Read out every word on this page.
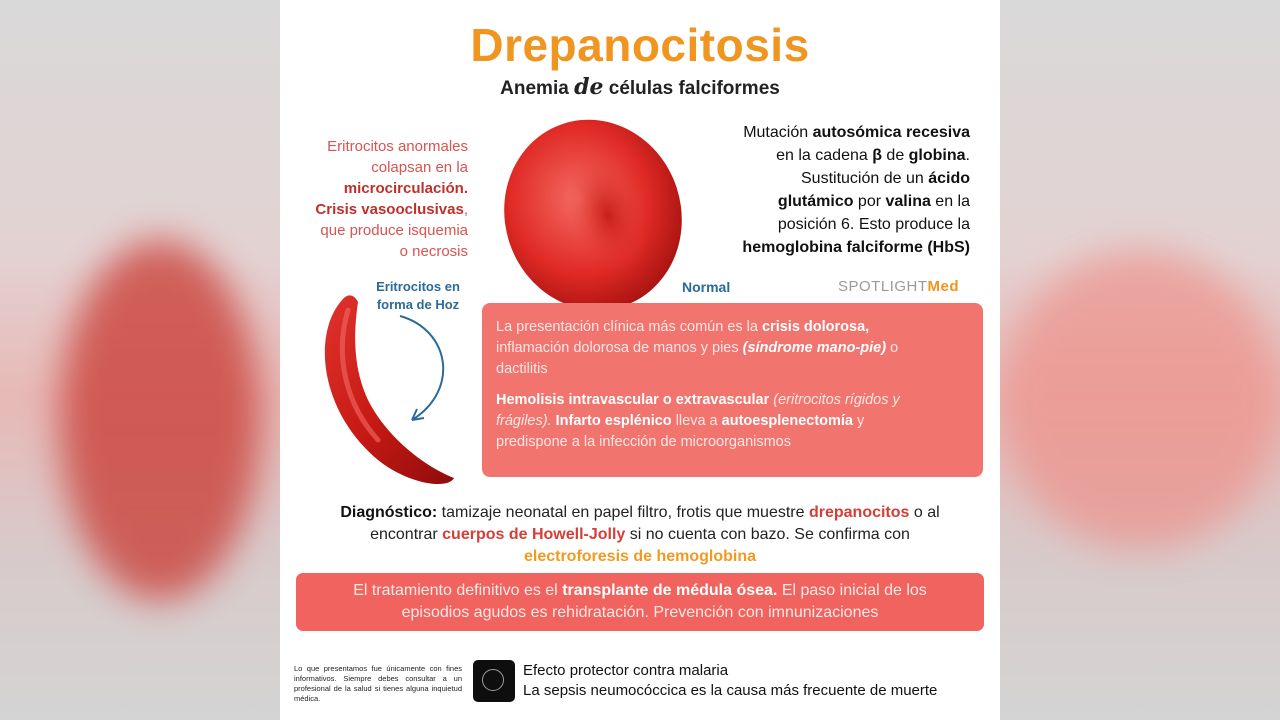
Drepanocitosis
Anemia de células falciformes
Eritrocitos anormales
colapsan en la
microcirculación.
Crisis vasooclusivas,
que produce isquemia
o necrosis
Normal
Eritrocitos en
forma de Hoz
Mutación autosómica recesiva
en la cadena β de globina.
Sustitución de un ácido
glutámico por valina en la
posición 6. Esto produce la
hemoglobina falciforme (HbS)
SPOTLIGHTMed

La presentación clínica más común es la crisis dolorosa,
inflamación dolorosa de manos y pies (síndrome mano-pie) o
dactilitis

Hemolisis intravascular o extravascular (eritrocitos rígidos y
frágiles). Infarto esplénico lleva a autoesplenectomía y
predispone a la infección de microorganismos

Diagnóstico: tamizaje neonatal en papel filtro, frotis que muestre drepanocitos o al
encontrar cuerpos de Howell-Jolly si no cuenta con bazo. Se confirma con
electroforesis de hemoglobina
El tratamiento definitivo es el transplante de médula ósea. El paso inicial de los
episodios agudos es rehidratación. Prevención con imnunizaciones
Lo que presentamos fue únicamente con fines informativos. Siempre debes consultar a un profesional de la salud si tienes alguna inquietud médica.
Efecto protector contra malaria
La sepsis neumocóccica es la causa más frecuente de muerte
